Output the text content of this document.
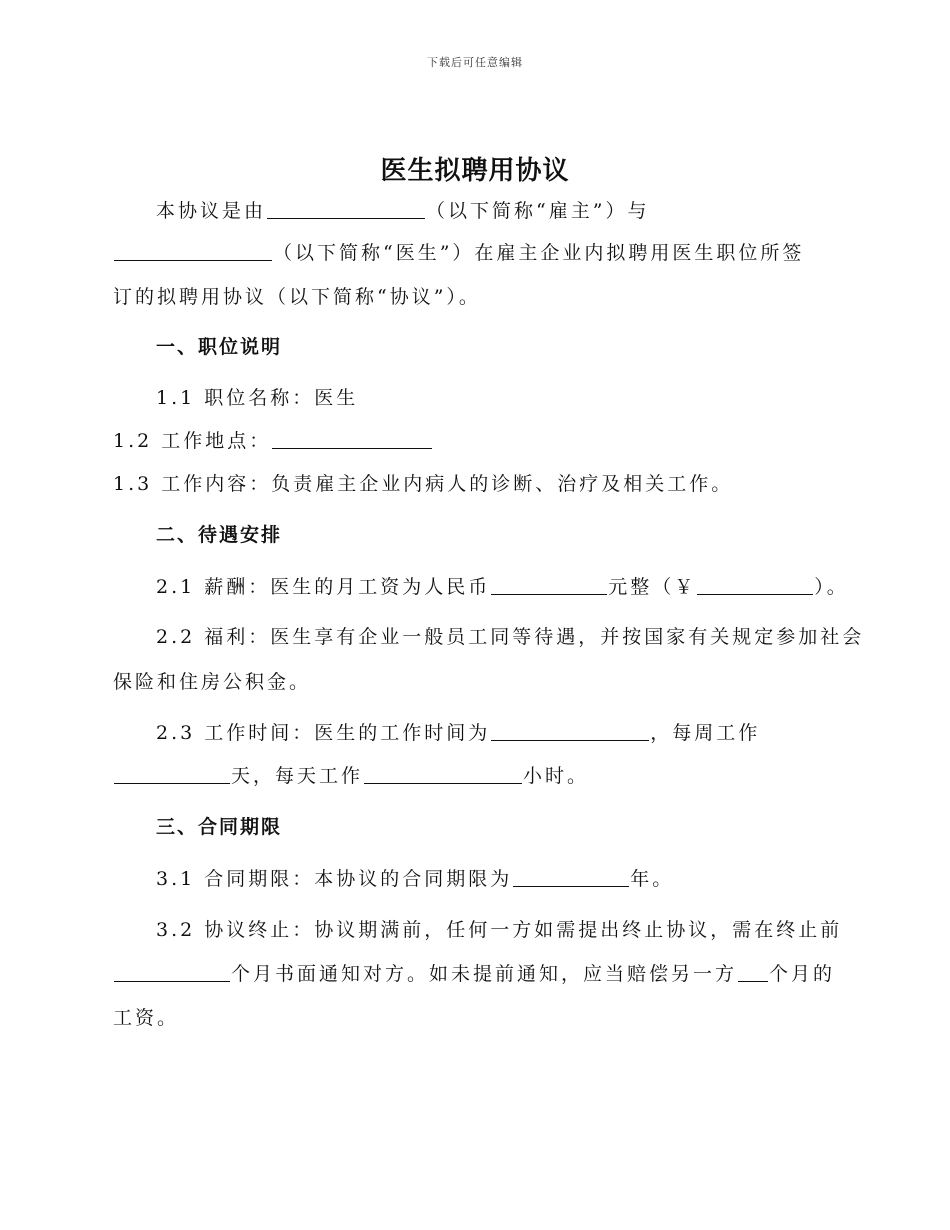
下载后可任意编辑
医生拟聘用协议
本协议是由	（以下简称“雇主”）与
（以下简称“医生”）在雇主企业内拟聘用医生职位所签
订的拟聘用协议（以下简称“协议”）。
一、职位说明
1.1 职位名称：医生
1.2 工作地点：
1.3 工作内容：负责雇主企业内病人的诊断、治疗及相关工作。
二、待遇安排
2.1 薪酬：医生的月工资为人民币	元整（￥	）。
2.2 福利：医生享有企业一般员工同等待遇，并按国家有关规定参加社会
保险和住房公积金。
2.3 工作时间：医生的工作时间为	，每周工作
天，每天工作	小时。
三、合同期限
3.1 合同期限：本协议的合同期限为	年。
3.2 协议终止：协议期满前，任何一方如需提出终止协议，需在终止前
个月书面通知对方。如未提前通知，应当赔偿另一方 个月的
工资。
